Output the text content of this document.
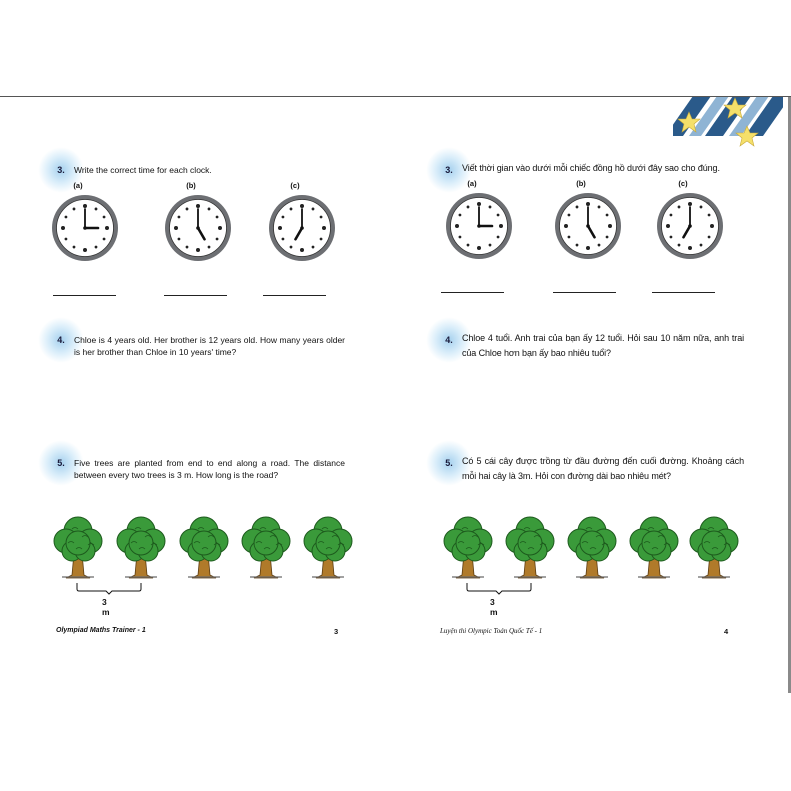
3.	Write the correct time for each clock.
(a)	(b)	(c)
4.	Chloe is 4 years old. Her brother is 12 years old. How many years older is her brother than Chloe in 10 years' time?
5.	Five trees are planted from end to end along a road. The distance between every two trees is 3 m. How long is the road?
3 m
Olympiad Maths Trainer - 1	3
3.	Viết thời gian vào dưới mỗi chiếc đồng hồ dưới đây sao cho đúng.
(a)	(b)	(c)
4.	Chloe 4 tuổi. Anh trai của bạn ấy 12 tuổi. Hỏi sau 10 năm nữa, anh trai của Chloe hơn bạn ấy bao nhiêu tuổi?
5.	Có 5 cái cây được trồng từ đầu đường đến cuối đường. Khoảng cách mỗi hai cây là 3m. Hỏi con đường dài bao nhiêu mét?
3 m
Luyện thi Olympic Toán Quốc Tế - 1	4
